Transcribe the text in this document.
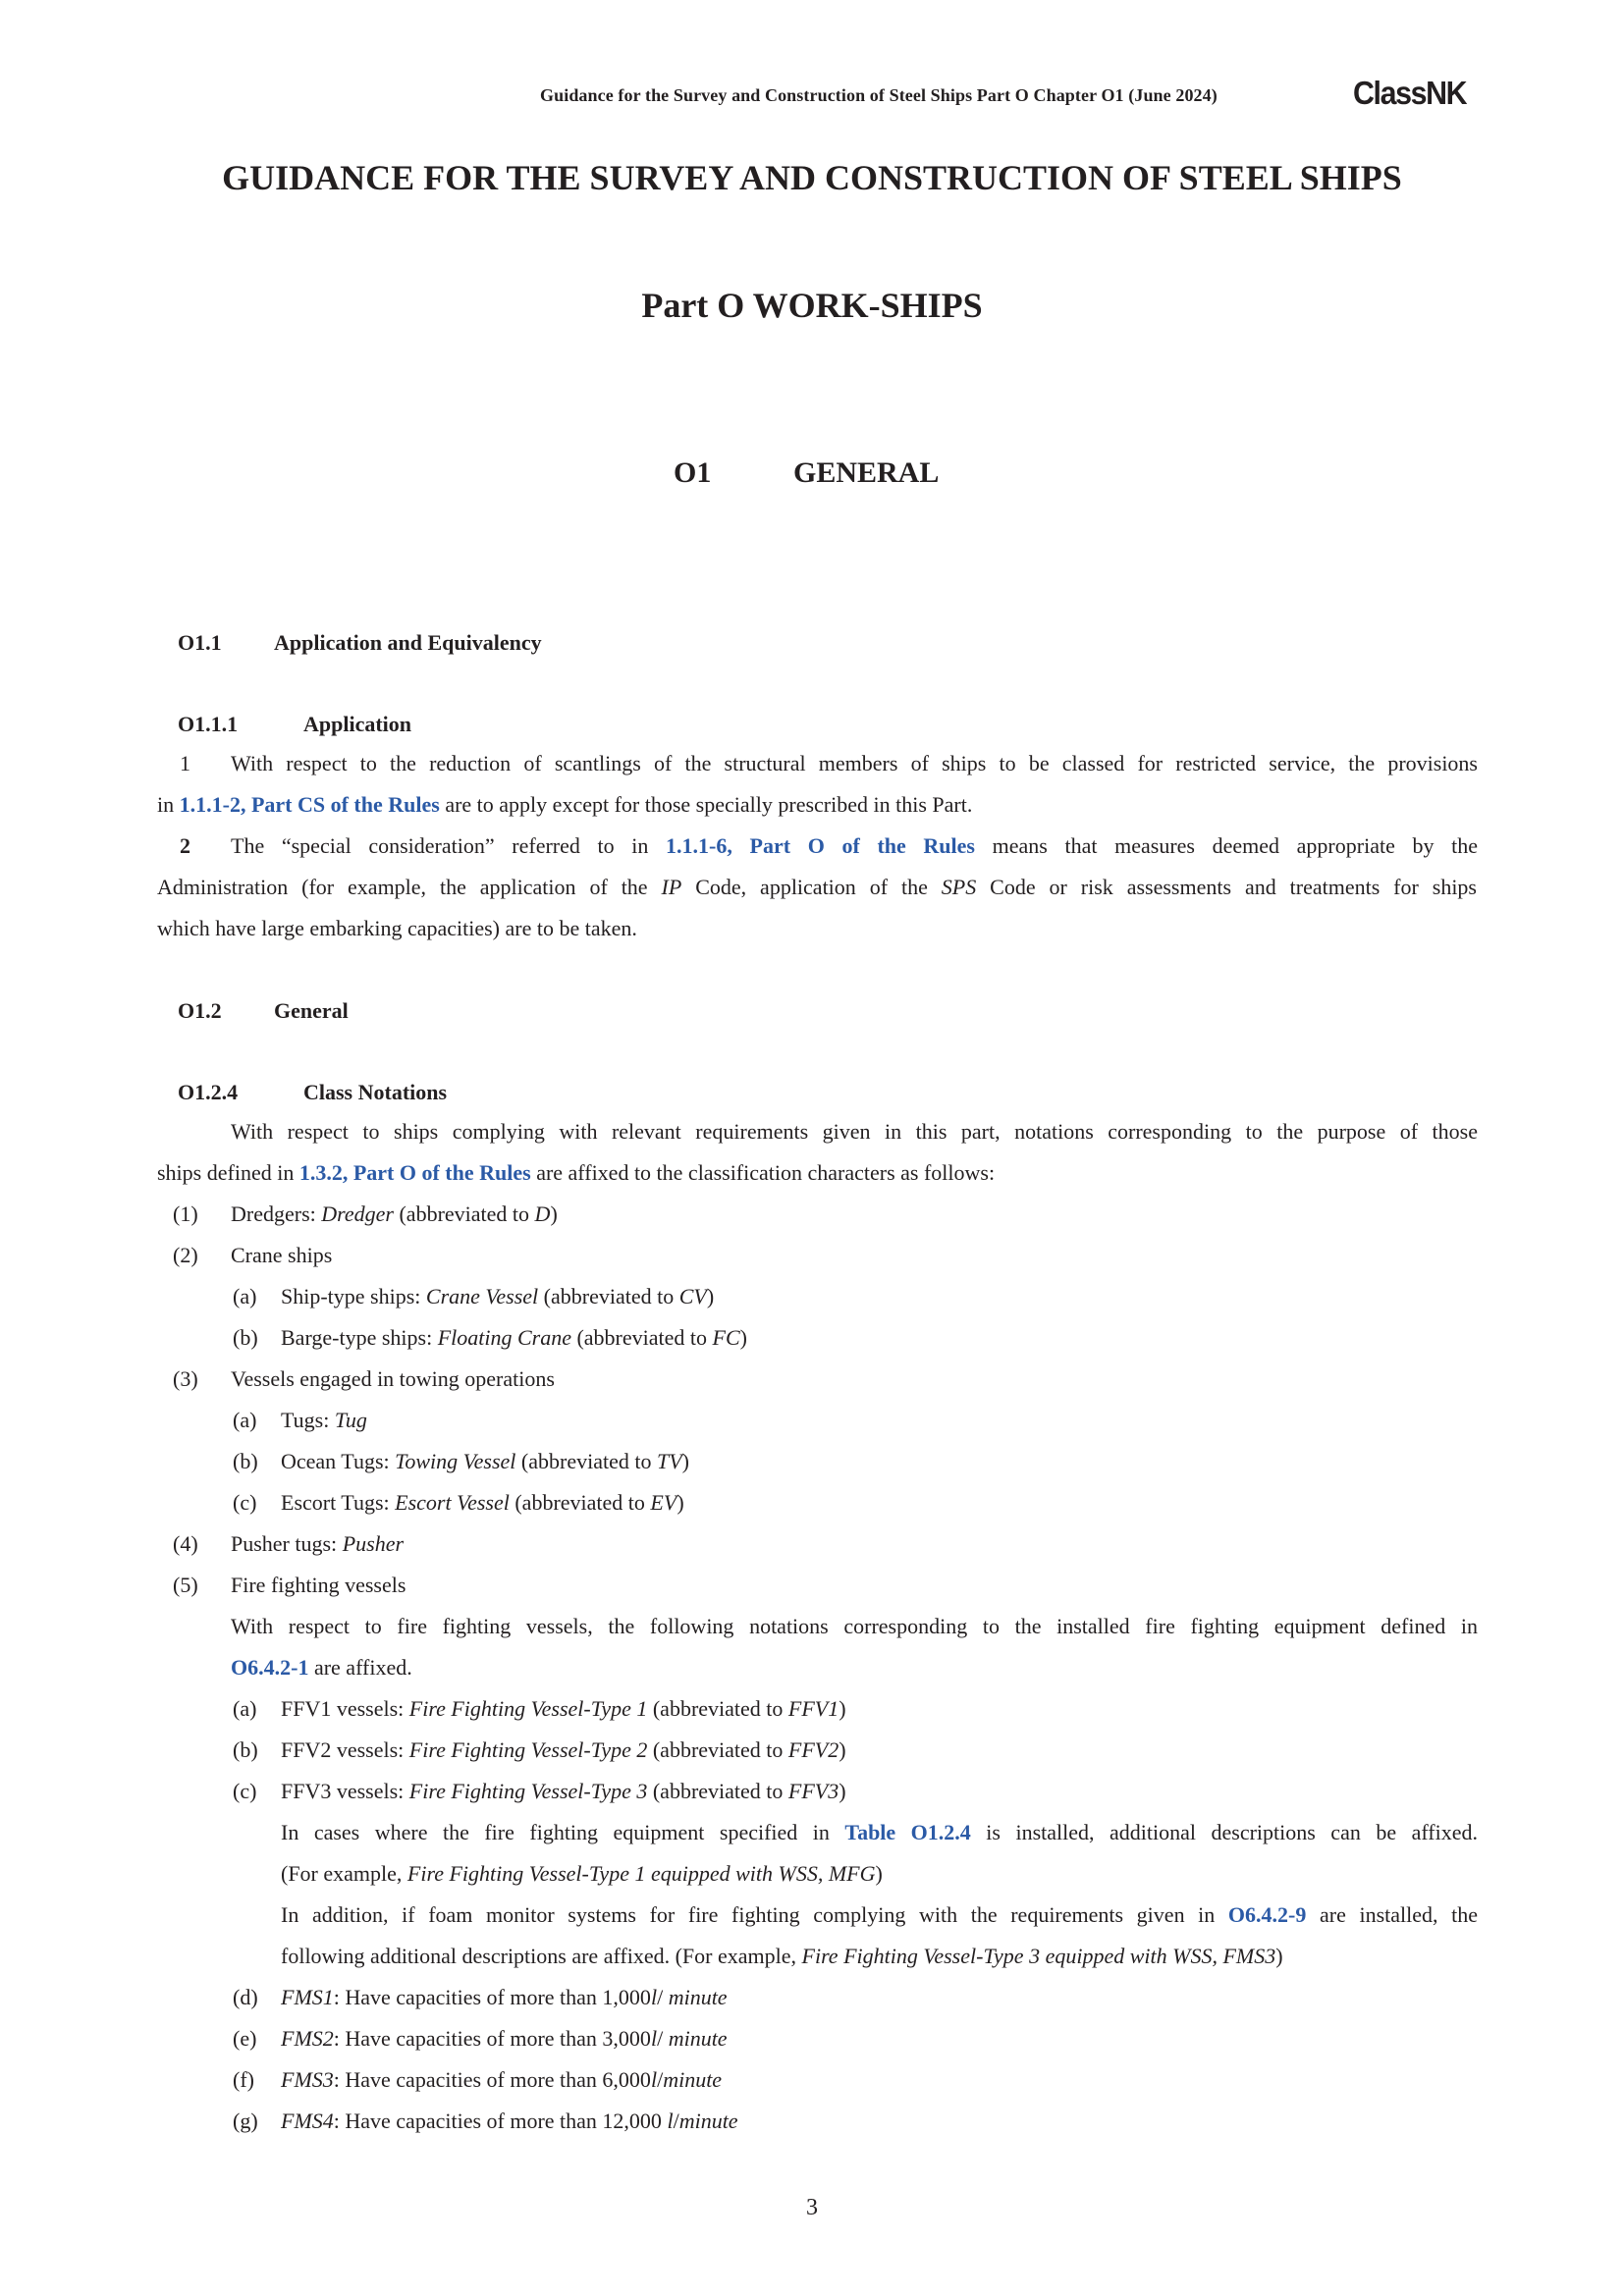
Guidance for the Survey and Construction of Steel Ships Part O Chapter O1 (June 2024)	ClassNK
GUIDANCE FOR THE SURVEY AND CONSTRUCTION OF STEEL SHIPS
Part O WORK-SHIPS
O1	GENERAL
O1.1 Application and Equivalency
O1.1.1	Application
1 With respect to the reduction of scantlings of the structural members of ships to be classed for restricted service, the provisions
in 1.1.1-2, Part CS of the Rules are to apply except for those specially prescribed in this Part.
2 The “special consideration” referred to in 1.1.1-6, Part O of the Rules means that measures deemed appropriate by the
Administration (for example, the application of the IP Code, application of the SPS Code or risk assessments and treatments for ships
which have large embarking capacities) are to be taken.
O1.2 General
O1.2.4	Class Notations
With respect to ships complying with relevant requirements given in this part, notations corresponding to the purpose of those
ships defined in 1.3.2, Part O of the Rules are affixed to the classification characters as follows:
(1) Dredgers: Dredger (abbreviated to D)
(2) Crane ships
(a) Ship-type ships: Crane Vessel (abbreviated to CV)
(b) Barge-type ships: Floating Crane (abbreviated to FC)
(3) Vessels engaged in towing operations
(a) Tugs: Tug
(b) Ocean Tugs: Towing Vessel (abbreviated to TV)
(c) Escort Tugs: Escort Vessel (abbreviated to EV)
(4) Pusher tugs: Pusher
(5) Fire fighting vessels
With respect to fire fighting vessels, the following notations corresponding to the installed fire fighting equipment defined in
O6.4.2-1 are affixed.
(a) FFV1 vessels: Fire Fighting Vessel-Type 1 (abbreviated to FFV1)
(b) FFV2 vessels: Fire Fighting Vessel-Type 2 (abbreviated to FFV2)
(c) FFV3 vessels: Fire Fighting Vessel-Type 3 (abbreviated to FFV3)
In cases where the fire fighting equipment specified in Table O1.2.4 is installed, additional descriptions can be affixed.
(For example, Fire Fighting Vessel-Type 1 equipped with WSS, MFG)
In addition, if foam monitor systems for fire fighting complying with the requirements given in O6.4.2-9 are installed, the
following additional descriptions are affixed. (For example, Fire Fighting Vessel-Type 3 equipped with WSS, FMS3)
(d) FMS1: Have capacities of more than 1,000l/ minute
(e) FMS2: Have capacities of more than 3,000l/ minute
(f) FMS3: Have capacities of more than 6,000l/minute
(g) FMS4: Have capacities of more than 12,000 l/minute
3
